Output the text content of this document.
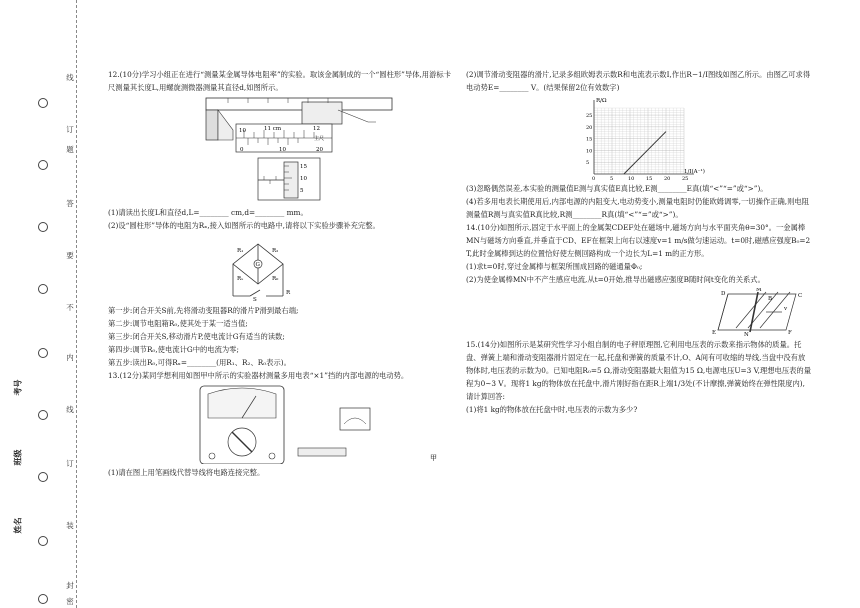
考号
班级
姓名
线
订
题
答
要
不
内
线
订
装
封
密

12.(10分)学习小组正在进行“测量某金属导体电阻率”的实验。取该金属制成的一个“圆柱形”导体,用游标卡尺测量其长度L,用螺旋测微器测量其直径d,如图所示。

10	11 cm	12
0	10	20
主尺
15
10
5

(1)请读出长度L和直径d,L=________ cm,d=________ mm。

(2)设“圆柱形”导体的电阻为Rₓ,接入如图所示的电路中,请将以下实验步骤补充完整。

G
R₁	R₂
Rₓ	R₀
S
R

第一步:闭合开关S前,先将滑动变阻器R的滑片P滑到最右端;

第二步:调节电阻箱R₀,使其处于某一适当值;

第三步:闭合开关S,移动滑片P,使电流计G有适当的读数;

第四步:调节R₀,使电流计G中的电流为零;

第五步:读出R₀,可得Rₓ=________(用R₁、R₂、R₀表示)。

13.(12分)某同学想利用如图甲中所示的实验器材测量多用电表“×1”挡的内部电源的电动势。

甲

(1)请在图上用笔画线代替导线将电路连接完整。

(2)调节滑动变阻器的滑片,记录多组欧姆表示数R和电流表示数I,作出R−1/I图线如图乙所示。由图乙可求得电动势E=________ V。(结果保留2位有效数字)

0	5	10 15 20 25
5
10
15
20
25
R/Ω
1/I(A⁻¹)

(3)忽略偶然误差,本实验的测量值E测与真实值E真比较,E测________E真(填“<”“=”或“>”)。

(4)若多用电表长期使用后,内部电源的内阻变大,电动势变小,测量电阻时仍能欧姆调零,一切操作正确,则电阻测量值R测与真实值R真比较,R测________R真(填“<”“=”或“>”)。

14.(10分)如图所示,固定于水平面上的金属架CDEF处在磁场中,磁场方向与水平面夹角θ=30°。一金属棒MN与磁场方向垂直,并垂直于CD、EF在框架上向右以速度v=1 m/s做匀速运动。t=0时,磁感应强度B₀=2 T,此时金属棒到达的位置恰好使左侧回路构成一个边长为L=1 m的正方形。

(1)求t=0时,穿过金属棒与框架所围成回路的磁通量Φ₀;

(2)为使金属棒MN中不产生感应电流,从t=0开始,推导出磁感应强度B随时间t变化的关系式。

D	C
M
N
E	F
B
v

15.(14分)如图所示是某研究性学习小组自制的电子秤原理图,它利用电压表的示数来指示物体的质量。托盘、弹簧上端和滑动变阻器滑片固定在一起,托盘和弹簧的质量不计,O、A间有可收缩的导线,当盘中没有放物体时,电压表的示数为0。已知电阻R₀=5 Ω,滑动变阻器最大阻值为15 Ω,电源电压U=3 V,理想电压表的量程为0~3 V。现将1 kg的物体放在托盘中,滑片刚好指在距R上端1/3处(不计摩擦,弹簧始终在弹性限度内),请计算回答:

(1)将1 kg的物体放在托盘中时,电压表的示数为多少?
